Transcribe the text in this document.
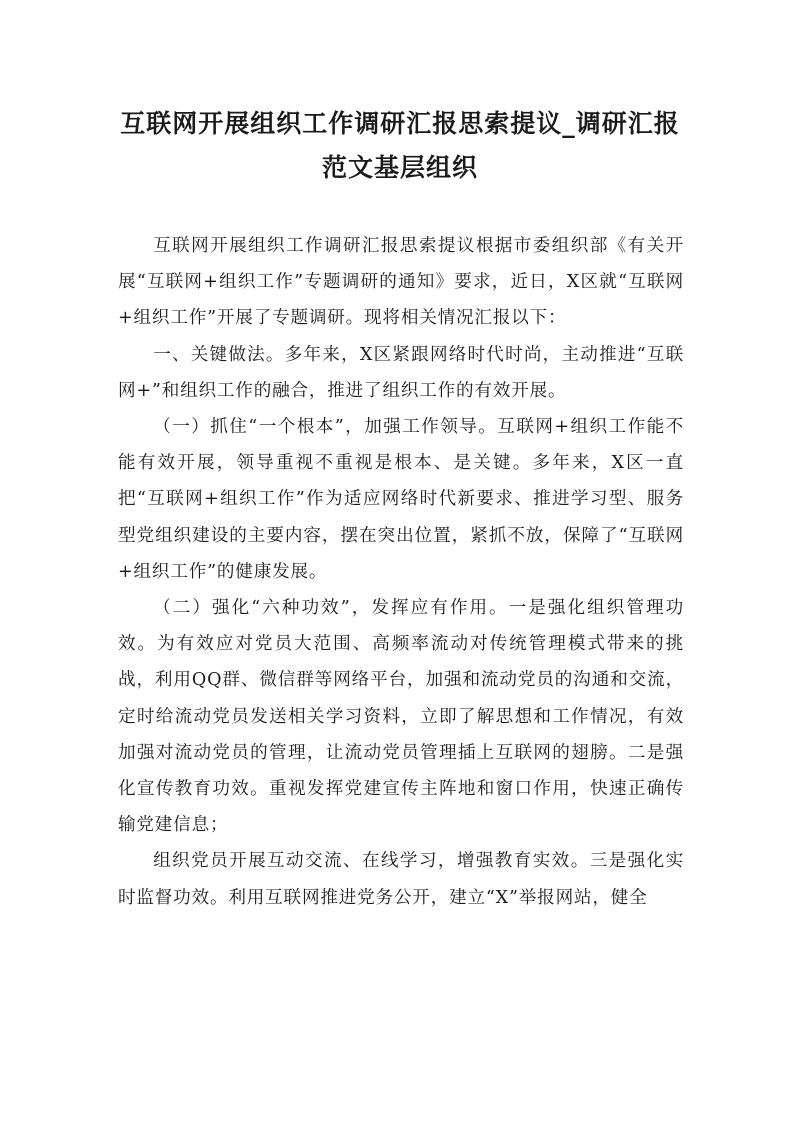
互联网开展组织工作调研汇报思索提议_调研汇报范文基层组织

互联网开展组织工作调研汇报思索提议根据市委组织部《有关开展“互联网+组织工作”专题调研的通知》要求，近日，X区就“互联网+组织工作”开展了专题调研。现将相关情况汇报以下：

一、关键做法。多年来，X区紧跟网络时代时尚，主动推进“互联网+”和组织工作的融合，推进了组织工作的有效开展。

（一）抓住“一个根本”，加强工作领导。互联网+组织工作能不能有效开展，领导重视不重视是根本、是关键。多年来，X区一直把“互联网+组织工作”作为适应网络时代新要求、推进学习型、服务型党组织建设的主要内容，摆在突出位置，紧抓不放，保障了“互联网+组织工作”的健康发展。

（二）强化“六种功效”，发挥应有作用。一是强化组织管理功效。为有效应对党员大范围、高频率流动对传统管理模式带来的挑战，利用QQ群、微信群等网络平台，加强和流动党员的沟通和交流，定时给流动党员发送相关学习资料，立即了解思想和工作情况，有效加强对流动党员的管理，让流动党员管理插上互联网的翅膀。二是强化宣传教育功效。重视发挥党建宣传主阵地和窗口作用，快速正确传输党建信息；

组织党员开展互动交流、在线学习，增强教育实效。三是强化实时监督功效。利用互联网推进党务公开，建立“X”举报网站，健全
